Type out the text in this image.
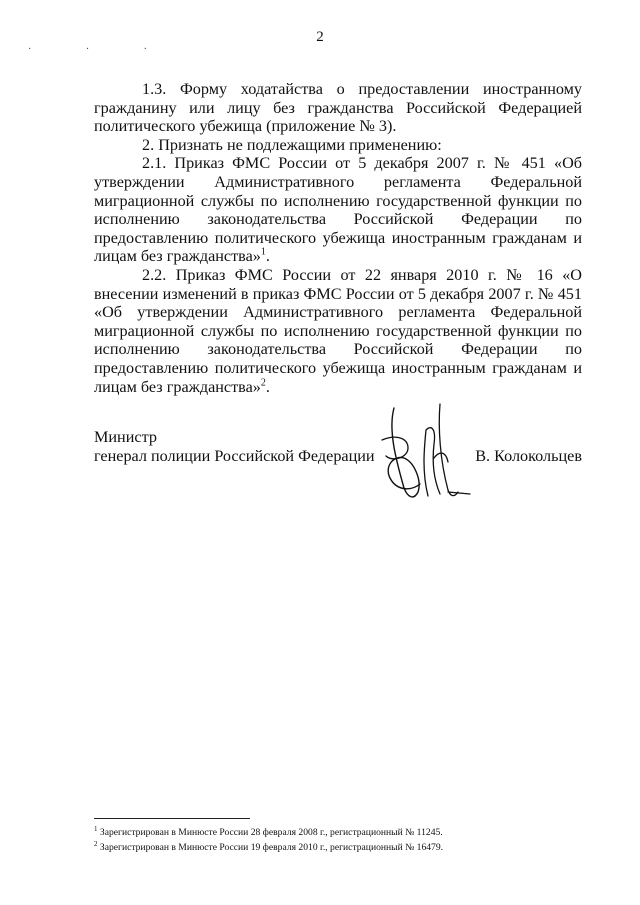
2
· · ·

1.3. Форму ходатайства о предоставлении иностранному гражданину или лицу без гражданства Российской Федерацией политического убежища (приложение № 3).

2. Признать не подлежащими применению:

2.1. Приказ ФМС России от 5 декабря 2007 г. № 451 «Об утверждении Административного регламента Федеральной миграционной службы по исполнению государственной функции по исполнению законодательства Российской Федерации по предоставлению политического убежища иностранным гражданам и лицам без гражданства»$^1$.

2.2. Приказ ФМС России от 22 января 2010 г. № 16 «О внесении изменений в приказ ФМС России от 5 декабря 2007 г. № 451 «Об утверждении Административного регламента Федеральной миграционной службы по исполнению государственной функции по исполнению законодательства Российской Федерации по предоставлению политического убежища иностранным гражданам и лицам без гражданства»$^2$.

Министр
генерал полиции Российской Федерации	В. Колокольцев

$^1$ Зарегистрирован в Минюсте России 28 февраля 2008 г., регистрационный № 11245.

$^2$ Зарегистрирован в Минюсте России 19 февраля 2010 г., регистрационный № 16479.
